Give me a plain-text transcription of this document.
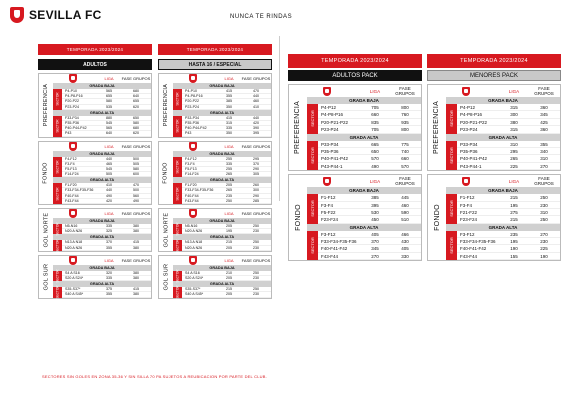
SEVILLA FC	NUNCA TE RINDAS
TEMPORADA 2023/2024
ADULTOS
PREFERENCIA
LIGA	FASE GRUPOS
GRADA BAJA
SECTOR
P4-P10	565	680
P4-P8-P16	655	640
P20-P22	580	655
P23-P24	535	620
GRADA ALTA
SECTOR
F33-P34	880	650
P35-P36	545	580
P40-P44-P42	565	680
P43	640	620
FONDO
LIGA	FASE GRUPOS
GRADA BAJA
SECTOR
F4-F12	440	500
F3-F4	465	505
F5-F13	545	580
F14-F24	505	600
GRADA ALTA
SECTOR
F1-F20	410	470
F33-F34-F35-F36	440	500
F40-F44	490	560
F43-F44	420	490
GOL NORTE	LIGA	FASE GRUPOS
GRADA BAJA
SECTOR	N5-N16	335	380
N20 A N26	325	380
GRADA ALTA
SECTOR	N13 A N18	370	415
N20 A N26	355	380
GOL SUR
LIGA	FASE GRUPOS
GRADA BAJA
SECTOR	S4 A S16	320	380
S20 A S24*	335	380
GRADA ALTA
SECTOR	S35-S37*	375	415
S40 A S45*	355	380
TEMPORADA 2023/2024
HASTA 16 / ESPECIAL
PREFERENCIA
LIGA	FASE GRUPOS
GRADA BAJA
SECTOR
P4-P10	415	470
P4-P8-P16	355	440
P20-P22	385	460
P23-P24	350	410
GRADA ALTA
SECTOR
P33-P34	415	440
P35-P36	315	420
P40-P44-P42	335	390
P43	350	395
FONDO
LIGA	FASE GRUPOS
GRADA BAJA
SECTOR
F4-F12	255	295
F3-F4	335	370
F5-F13	255	290
F14-F24	265	305
GRADA ALTA
SECTOR
F1-F20	205	260
F33-F34-F35-F36	265	300
F40-F44	235	290
F43-F44	250	285
GOL NORTE	LIGA	FASE GRUPOS
GRADA BAJA
SECTOR	N5-N16	205	250
N20 A N26	195	230
GRADA ALTA
SECTOR	N13 A N18	215	250
N20 A N26	205	230
GOL SUR
LIGA	FASE GRUPOS
GRADA BAJA
SECTOR	S4 A S16	210	250
S20 A S24*	205	230
GRADA ALTA
SECTOR	S35-S37*	215	250
S40 A S45*	205	230
TEMPORADA 2023/2024
ADULTOS PACK
PREFERENCIA
LIGA	FASE GRUPOS
GRADA BAJA
SECTOR
P4-P12	705	800
P4-P8-P16	660	760
P20-P21-P22	835	935
P23-P24	705	800
GRADA ALTA
SECTOR
P33-P34	665	775
P35-P36	650	740
P40-P41-P42	570	660
P43-P44-1	490	570
FONDO
LIGA	FASE GRUPOS
GRADA BAJA
SECTOR
F1-F12	385	445
F3-F4	395	460
F5-F22	530	590
F23-F24	450	510
GRADA ALTA
SECTOR
F3-F12	405	466
F33-F34-F35-F36	370	430
F40-F41-F42	345	405
F43-F44	270	330
TEMPORADA 2023/2024
MENORES PACK
PREFERENCIA
LIGA	FASE GRUPOS
GRADA BAJA
SECTOR
P4-P12	315	360
P4-P8-P16	300	345
P20-P21-P22	380	425
P23-P24	315	360
GRADA ALTA
SECTOR
P33-P34	310	355
P35-P36	295	340
P40-P41-P42	265	310
P43-P44-1	225	270
FONDO
LIGA	FASE GRUPOS
GRADA BAJA
SECTOR
F1-F12	215	250
F3-F4	195	230
F21-F22	275	310
F23-F24	215	250
GRADA ALTA
SECTOR
F3-F12	235	270
F33-F34-F35-F36	195	230
F40-F41-F42	190	225
F43-F44	155	190
SECTORES SIN GOLES EN ZONA 35-36 Y SIN SILLA 70 PA SUJETOS A REUBICACION POR PARTE DEL CLUB.
